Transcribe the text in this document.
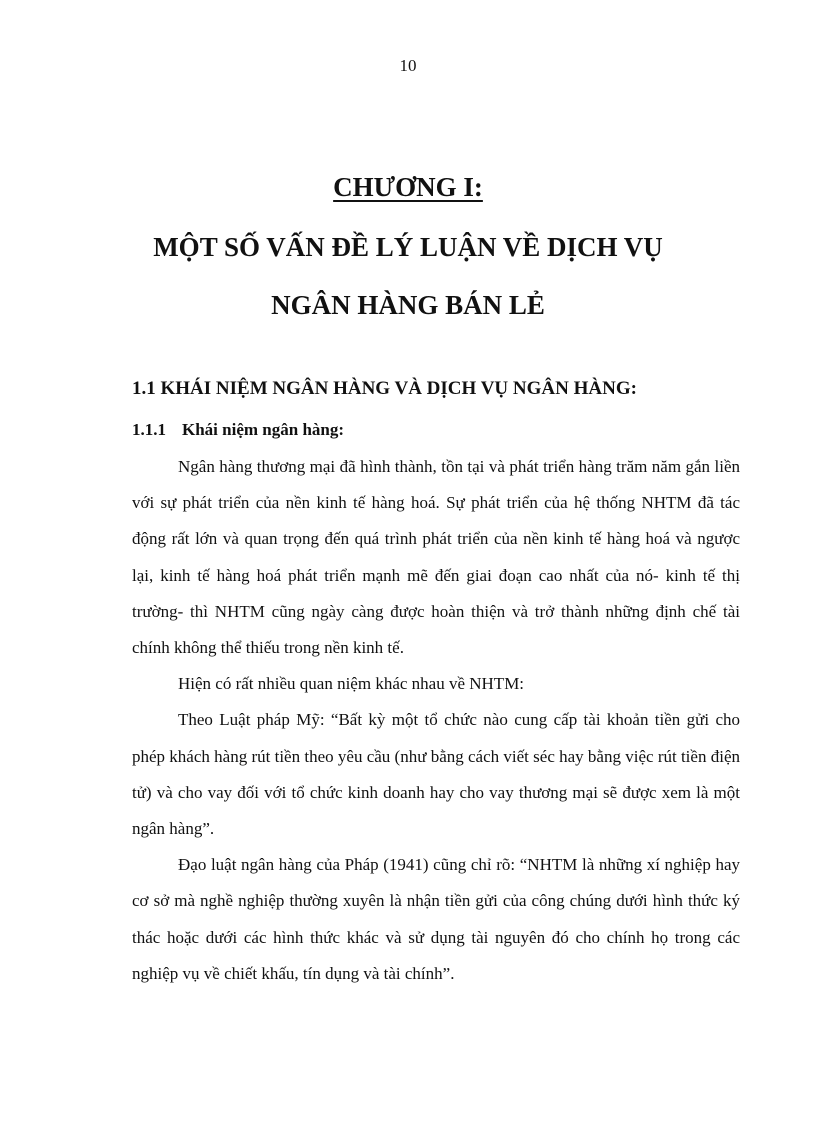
10
CHƯƠNG I:
MỘT SỐ VẤN ĐỀ LÝ LUẬN VỀ DỊCH VỤ
NGÂN HÀNG BÁN LẺ
1.1 KHÁI NIỆM NGÂN HÀNG VÀ DỊCH VỤ NGÂN HÀNG:
1.1.1 Khái niệm ngân hàng:

Ngân hàng thương mại đã hình thành, tồn tại và phát triển hàng trăm năm gắn liền với sự phát triển của nền kinh tế hàng hoá. Sự phát triển của hệ thống NHTM đã tác động rất lớn và quan trọng đến quá trình phát triển của nền kinh tế hàng hoá và ngược lại, kinh tế hàng hoá phát triển mạnh mẽ đến giai đoạn cao nhất của nó- kinh tế thị trường- thì NHTM cũng ngày càng được hoàn thiện và trở thành những định chế tài chính không thể thiếu trong nền kinh tế.

Hiện có rất nhiều quan niệm khác nhau về NHTM:

Theo Luật pháp Mỹ: “Bất kỳ một tổ chức nào cung cấp tài khoản tiền gửi cho phép khách hàng rút tiền theo yêu cầu (như bằng cách viết séc hay bằng việc rút tiền điện tử) và cho vay đối với tổ chức kinh doanh hay cho vay thương mại sẽ được xem là một ngân hàng”.

Đạo luật ngân hàng của Pháp (1941) cũng chỉ rõ: “NHTM là những xí nghiệp hay cơ sở mà nghề nghiệp thường xuyên là nhận tiền gửi của công chúng dưới hình thức ký thác hoặc dưới các hình thức khác và sử dụng tài nguyên đó cho chính họ trong các nghiệp vụ về chiết khấu, tín dụng và tài chính”.
